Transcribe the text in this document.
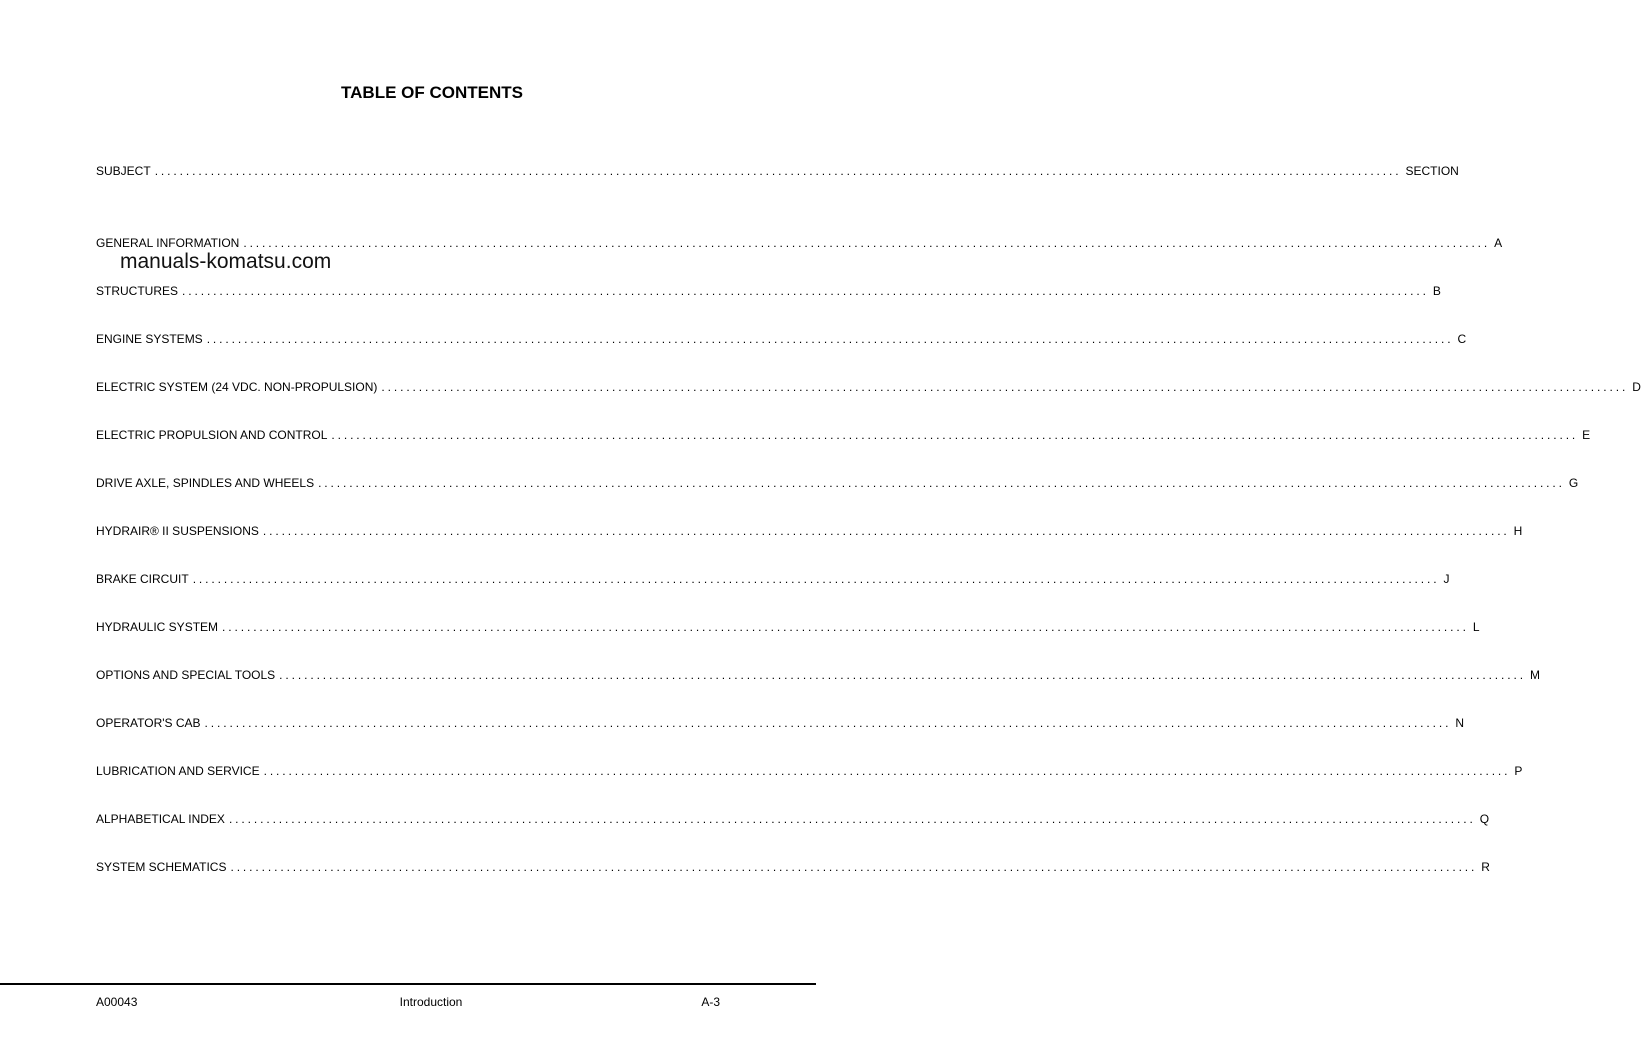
TABLE OF CONTENTS
SUBJECT ........................................................................................................................................................................................................ SECTION
GENERAL INFORMATION ........................................................................................................................................................................................................ A
STRUCTURES ........................................................................................................................................................................................................ B
ENGINE SYSTEMS ........................................................................................................................................................................................................ C
ELECTRIC SYSTEM (24 VDC. NON-PROPULSION) ........................................................................................................................................................................................................ D
ELECTRIC PROPULSION AND CONTROL ........................................................................................................................................................................................................ E
DRIVE AXLE, SPINDLES AND WHEELS ........................................................................................................................................................................................................ G
HYDRAIR® II SUSPENSIONS ........................................................................................................................................................................................................ H
BRAKE CIRCUIT ........................................................................................................................................................................................................ J
HYDRAULIC SYSTEM ........................................................................................................................................................................................................ L
OPTIONS AND SPECIAL TOOLS ........................................................................................................................................................................................................ M
OPERATOR'S CAB ........................................................................................................................................................................................................ N
LUBRICATION AND SERVICE ........................................................................................................................................................................................................ P
ALPHABETICAL INDEX ........................................................................................................................................................................................................ Q
SYSTEM SCHEMATICS ........................................................................................................................................................................................................ R
manuals-komatsu.com
A00043	Introduction	A-3
